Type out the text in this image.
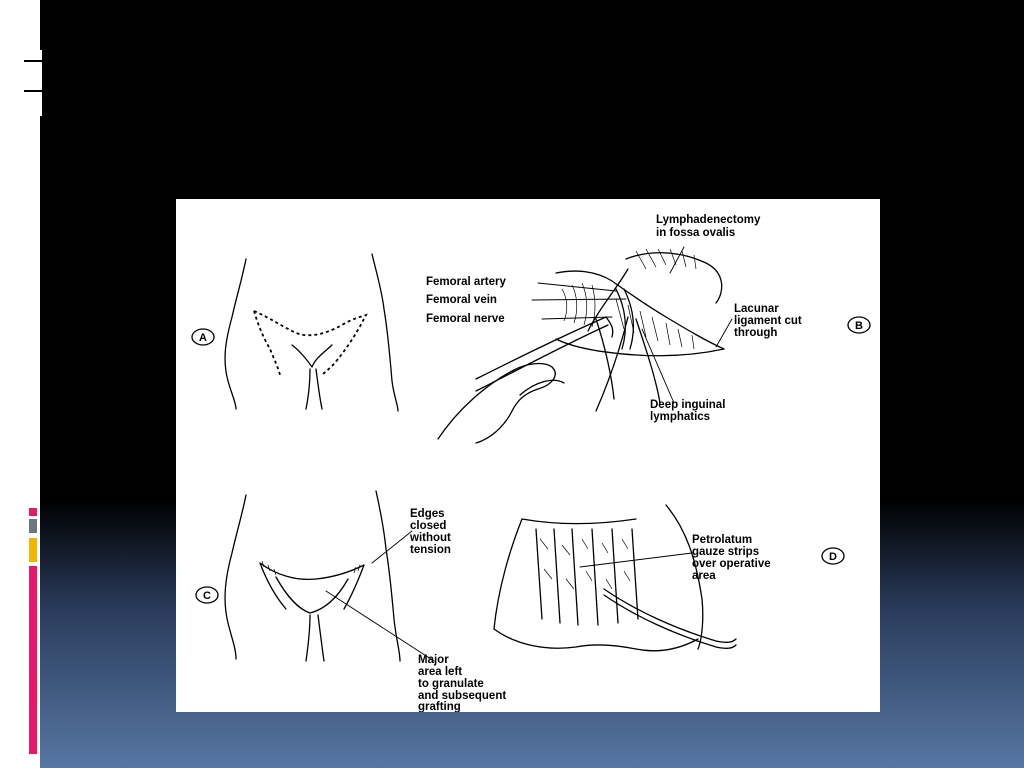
A
Lymphadenectomy
in fossa ovalis
Femoral artery
Femoral vein
Femoral nerve
Lacunar
ligament cut
through
Deep inguinal
lymphatics
B
Edges
closed
without
tension
Major
area left
to granulate
and subsequent
grafting
C
Petrolatum
gauze strips
over operative
area
D
